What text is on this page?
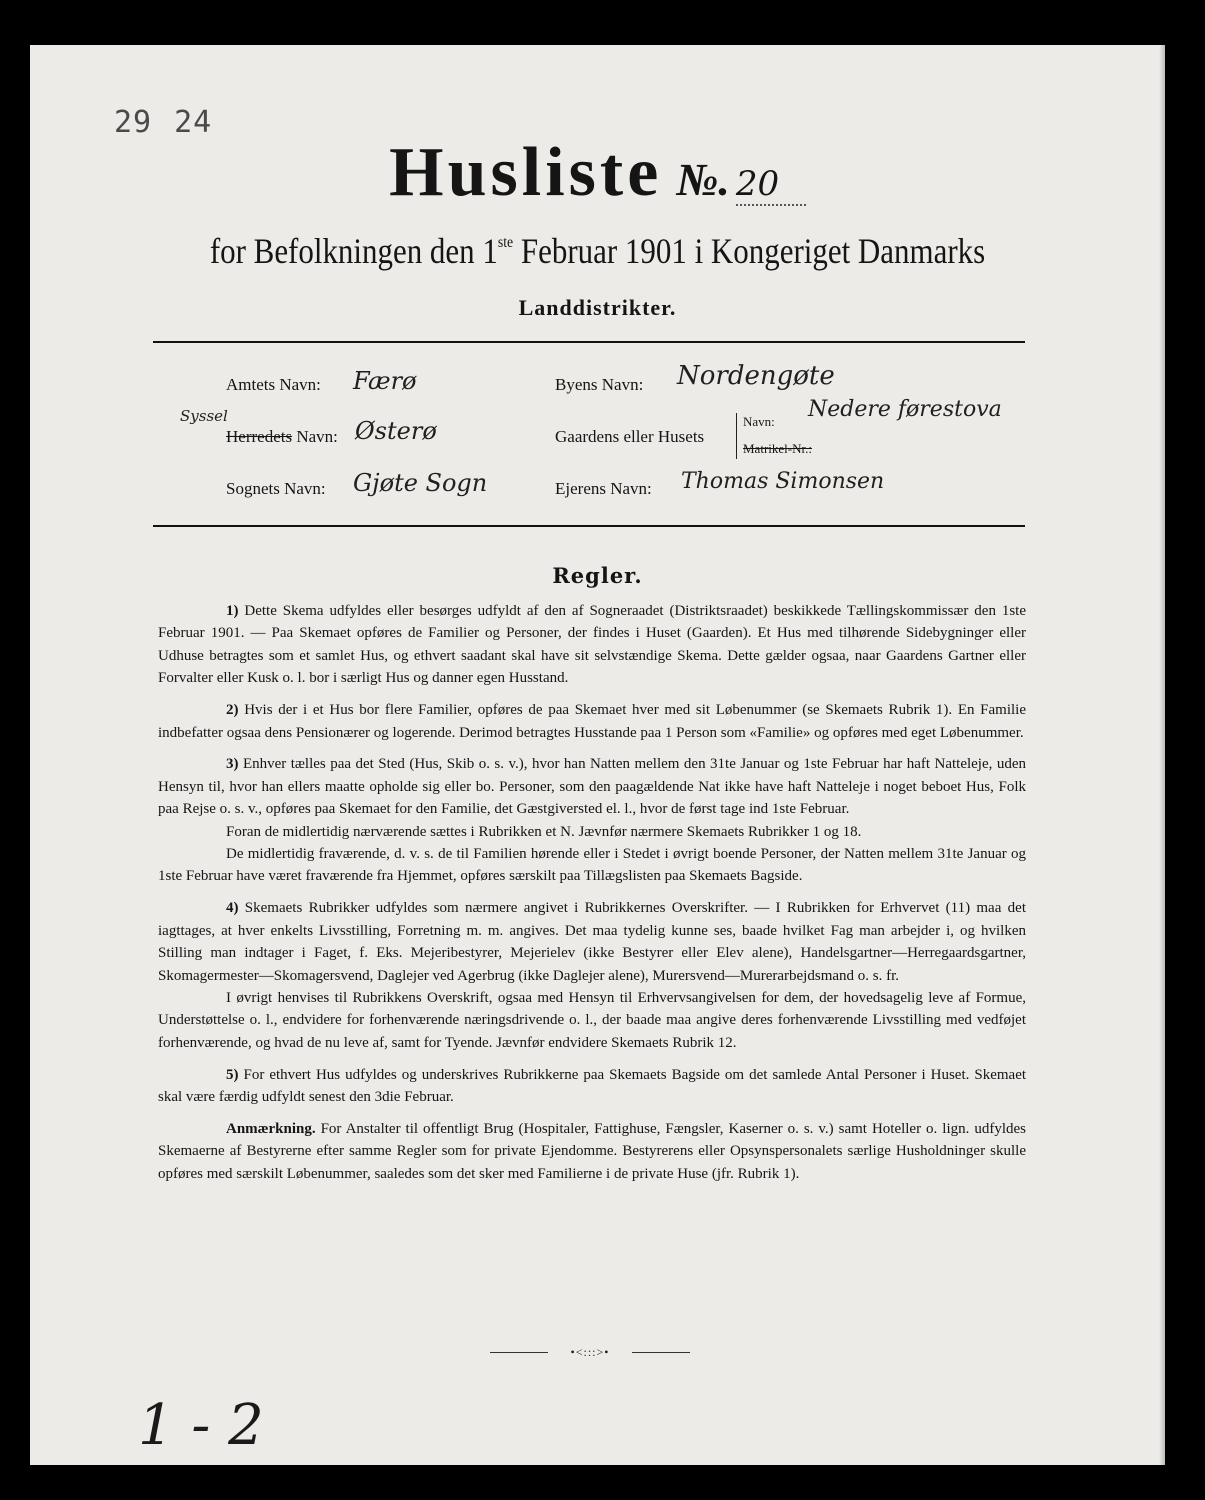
29 24
Husliste №. 20
for Befolkningen den 1ste Februar 1901 i Kongeriget Danmarks
Landdistrikter.
Amtets Navn: Færø
Syssel
Herredets Navn: Østerø
Sognets Navn: Gjøte Sogn
Byens Navn: Nordengøte
Gaardens eller Husets
Navn: Nedere førestova
Matrikel-Nr.:
Ejerens Navn: Thomas Simonsen
Regler.

1) Dette Skema udfyldes eller besørges udfyldt af den af Sogneraadet (Distriktsraadet) beskikkede Tællingskommissær den 1ste Februar 1901. — Paa Skemaet opføres de Familier og Personer, der findes i Huset (Gaarden). Et Hus med tilhørende Sidebygninger eller Udhuse betragtes som et samlet Hus, og ethvert saadant skal have sit selvstændige Skema. Dette gælder ogsaa, naar Gaardens Gartner eller Forvalter eller Kusk o. l. bor i særligt Hus og danner egen Husstand.

2) Hvis der i et Hus bor flere Familier, opføres de paa Skemaet hver med sit Løbenummer (se Skemaets Rubrik 1). En Familie indbefatter ogsaa dens Pensionærer og logerende. Derimod betragtes Husstande paa 1 Person som «Familie» og opføres med eget Løbenummer.

3) Enhver tælles paa det Sted (Hus, Skib o. s. v.), hvor han Natten mellem den 31te Januar og 1ste Februar har haft Natteleje, uden Hensyn til, hvor han ellers maatte opholde sig eller bo. Personer, som den paagældende Nat ikke have haft Natteleje i noget beboet Hus, Folk paa Rejse o. s. v., opføres paa Skemaet for den Familie, det Gæstgiversted el. l., hvor de først tage ind 1ste Februar.

Foran de midlertidig nærværende sættes i Rubrikken et N. Jævnfør nærmere Skemaets Rubrikker 1 og 18.

De midlertidig fraværende, d. v. s. de til Familien hørende eller i Stedet i øvrigt boende Personer, der Natten mellem 31te Januar og 1ste Februar have været fraværende fra Hjemmet, opføres særskilt paa Tillægslisten paa Skemaets Bagside.

4) Skemaets Rubrikker udfyldes som nærmere angivet i Rubrikkernes Overskrifter. — I Rubrikken for Erhvervet (11) maa det iagttages, at hver enkelts Livsstilling, Forretning m. m. angives. Det maa tydelig kunne ses, baade hvilket Fag man arbejder i, og hvilken Stilling man indtager i Faget, f. Eks. Mejeribestyrer, Mejerielev (ikke Bestyrer eller Elev alene), Handelsgartner—Herregaardsgartner, Skomagermester—Skomagersvend, Daglejer ved Agerbrug (ikke Daglejer alene), Murersvend—Murerarbejdsmand o. s. fr.

I øvrigt henvises til Rubrikkens Overskrift, ogsaa med Hensyn til Erhvervsangivelsen for dem, der hovedsagelig leve af Formue, Understøttelse o. l., endvidere for forhenværende næringsdrivende o. l., der baade maa angive deres forhenværende Livsstilling med vedføjet forhenværende, og hvad de nu leve af, samt for Tyende. Jævnfør endvidere Skemaets Rubrik 12.

5) For ethvert Hus udfyldes og underskrives Rubrikkerne paa Skemaets Bagside om det samlede Antal Personer i Huset. Skemaet skal være færdig udfyldt senest den 3die Februar.

Anmærkning. For Anstalter til offentligt Brug (Hospitaler, Fattighuse, Fængsler, Kaserner o. s. v.) samt Hoteller o. lign. udfyldes Skemaerne af Bestyrerne efter samme Regler som for private Ejendomme. Bestyrerens eller Opsynspersonalets særlige Husholdninger skulle opføres med særskilt Løbenummer, saaledes som det sker med Familierne i de private Huse (jfr. Rubrik 1).

•<:::>•
1 - 2
